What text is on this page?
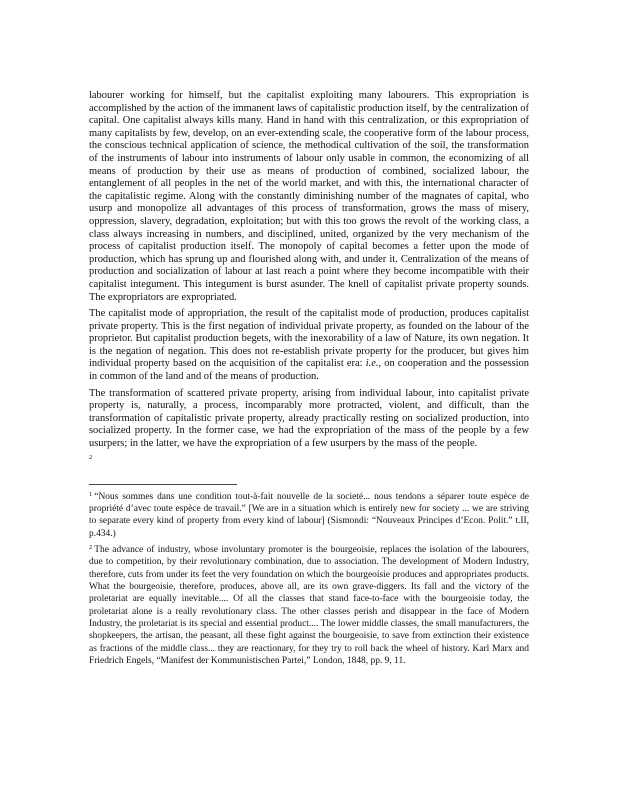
labourer working for himself, but the capitalist exploiting many labourers. This expropriation is accomplished by the action of the immanent laws of capitalistic production itself, by the centralization of capital. One capitalist always kills many. Hand in hand with this centralization, or this expropriation of many capitalists by few, develop, on an ever-extending scale, the cooperative form of the labour process, the conscious technical application of science, the methodical cultivation of the soil, the transformation of the instruments of labour into instruments of labour only usable in common, the economizing of all means of production by their use as means of production of combined, socialized labour, the entanglement of all peoples in the net of the world market, and with this, the international character of the capitalistic regime. Along with the constantly diminishing number of the magnates of capital, who usurp and monopolize all advantages of this process of transformation, grows the mass of misery, oppression, slavery, degradation, exploitation; but with this too grows the revolt of the working class, a class always increasing in numbers, and disciplined, united, organized by the very mechanism of the process of capitalist production itself. The monopoly of capital becomes a fetter upon the mode of production, which has sprung up and flourished along with, and under it. Centralization of the means of production and socialization of labour at last reach a point where they become incompatible with their capitalist integument. This integument is burst asunder. The knell of capitalist private property sounds. The expropriators are expropriated.

The capitalist mode of appropriation, the result of the capitalist mode of production, produces capitalist private property. This is the first negation of individual private property, as founded on the labour of the proprietor. But capitalist production begets, with the inexorability of a law of Nature, its own negation. It is the negation of negation. This does not re-establish private property for the producer, but gives him individual property based on the acquisition of the capitalist era: i.e., on cooperation and the possession in common of the land and of the means of production.

The transformation of scattered private property, arising from individual labour, into capitalist private property is, naturally, a process, incomparably more protracted, violent, and difficult, than the transformation of capitalistic private property, already practically resting on socialized production, into socialized property. In the former case, we had the expropriation of the mass of the people by a few usurpers; in the latter, we have the expropriation of a few usurpers by the mass of the people.

2

$^1$ “Nous sommes dans une condition tout-à-fait nouvelle de la societé... nous tendons a séparer toute espèce de propriété d’avec toute espèce de travail.” [We are in a situation which is entirely new for society ... we are striving to separate every kind of property from every kind of labour] (Sismondi: “Nouveaux Principes d’Econ. Polit.” t.II, p.434.)

$^2$ The advance of industry, whose involuntary promoter is the bourgeoisie, replaces the isolation of the labourers, due to competition, by their revolutionary combination, due to association. The development of Modern Industry, therefore, cuts from under its feet the very foundation on which the bourgeoisie produces and appropriates products. What the bourgeoisie, therefore, produces, above all, are its own grave-diggers. Its fall and the victory of the proletariat are equally inevitable.... Of all the classes that stand face-to-face with the bourgeoisie today, the proletariat alone is a really revolutionary class. The other classes perish and disappear in the face of Modern Industry, the proletariat is its special and essential product.... The lower middle classes, the small manufacturers, the shopkeepers, the artisan, the peasant, all these fight against the bourgeoisie, to save from extinction their existence as fractions of the middle class... they are reactionary, for they try to roll back the wheel of history. Karl Marx and Friedrich Engels, “Manifest der Kommunistischen Partei,” London, 1848, pp. 9, 11.
